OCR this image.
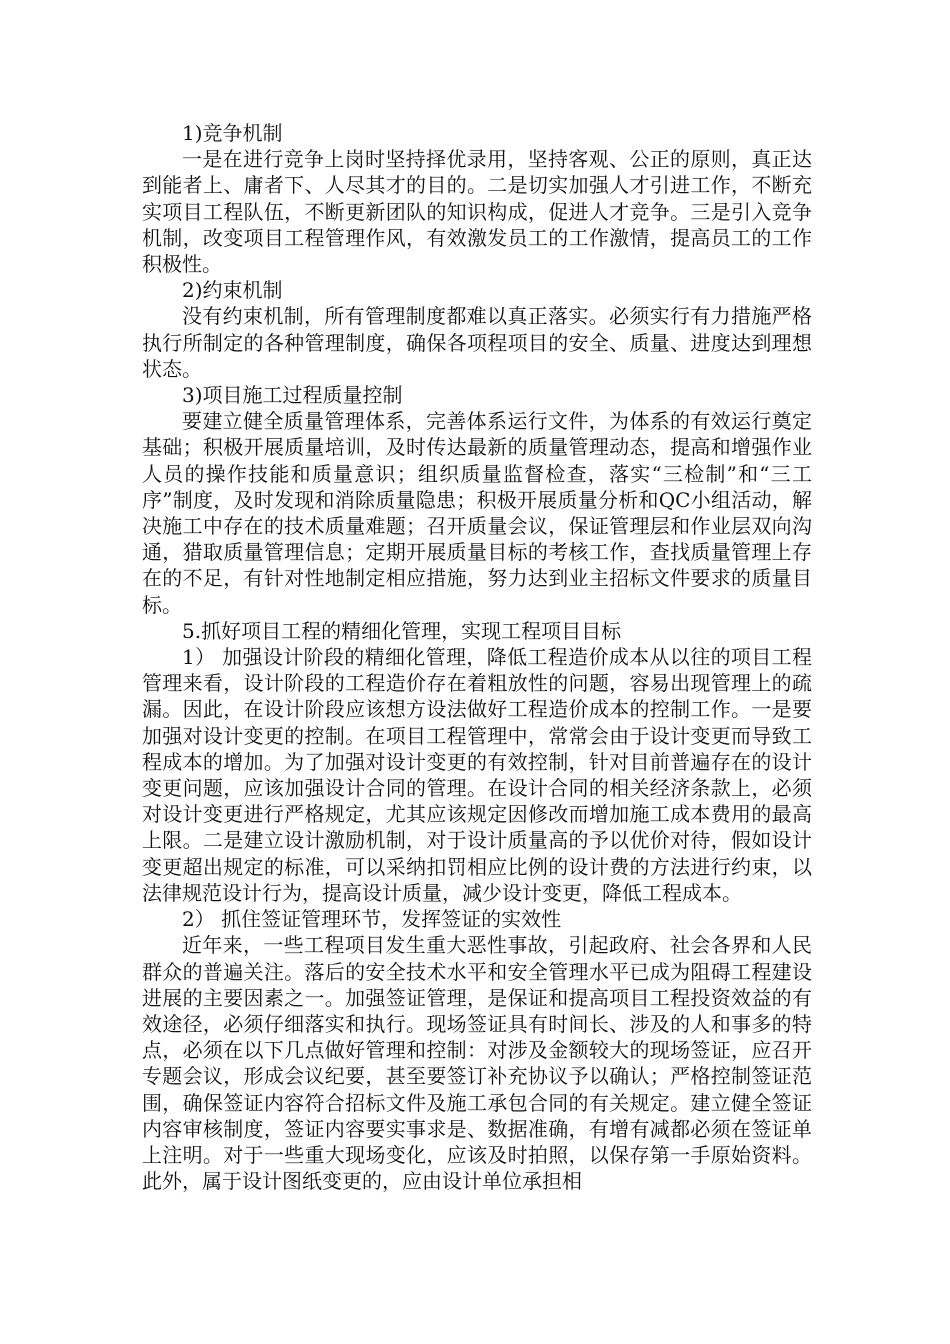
1)竞争机制

一是在进行竞争上岗时坚持择优录用，坚持客观、公正的原则，真正达到能者上、庸者下、人尽其才的目的。二是切实加强人才引进工作，不断充实项目工程队伍，不断更新团队的知识构成，促进人才竞争。三是引入竞争机制，改变项目工程管理作风，有效激发员工的工作激情，提高员工的工作积极性。

2)约束机制

没有约束机制，所有管理制度都难以真正落实。必须实行有力措施严格执行所制定的各种管理制度，确保各项程项目的安全、质量、进度达到理想状态。

3)项目施工过程质量控制

要建立健全质量管理体系，完善体系运行文件，为体系的有效运行奠定基础；积极开展质量培训，及时传达最新的质量管理动态，提高和增强作业人员的操作技能和质量意识；组织质量监督检查，落实“三检制”和“三工序”制度，及时发现和消除质量隐患；积极开展质量分析和QC小组活动，解决施工中存在的技术质量难题；召开质量会议，保证管理层和作业层双向沟通，猎取质量管理信息；定期开展质量目标的考核工作，查找质量管理上存在的不足，有针对性地制定相应措施，努力达到业主招标文件要求的质量目标。

5.抓好项目工程的精细化管理，实现工程项目目标

1） 加强设计阶段的精细化管理，降低工程造价成本从以往的项目工程管理来看，设计阶段的工程造价存在着粗放性的问题，容易出现管理上的疏漏。因此，在设计阶段应该想方设法做好工程造价成本的控制工作。一是要加强对设计变更的控制。在项目工程管理中，常常会由于设计变更而导致工程成本的增加。为了加强对设计变更的有效控制，针对目前普遍存在的设计变更问题，应该加强设计合同的管理。在设计合同的相关经济条款上，必须对设计变更进行严格规定，尤其应该规定因修改而增加施工成本费用的最高上限。二是建立设计激励机制，对于设计质量高的予以优价对待，假如设计变更超出规定的标准，可以采纳扣罚相应比例的设计费的方法进行约束，以法律规范设计行为，提高设计质量，减少设计变更，降低工程成本。

2） 抓住签证管理环节，发挥签证的实效性

近年来，一些工程项目发生重大恶性事故，引起政府、社会各界和人民群众的普遍关注。落后的安全技术水平和安全管理水平已成为阻碍工程建设进展的主要因素之一。加强签证管理，是保证和提高项目工程投资效益的有效途径，必须仔细落实和执行。现场签证具有时间长、涉及的人和事多的特点，必须在以下几点做好管理和控制：对涉及金额较大的现场签证，应召开专题会议，形成会议纪要，甚至要签订补充协议予以确认；严格控制签证范围，确保签证内容符合招标文件及施工承包合同的有关规定。建立健全签证内容审核制度，签证内容要实事求是、数据准确，有增有减都必须在签证单上注明。对于一些重大现场变化，应该及时拍照，以保存第一手原始资料。此外，属于设计图纸变更的，应由设计单位承担相
